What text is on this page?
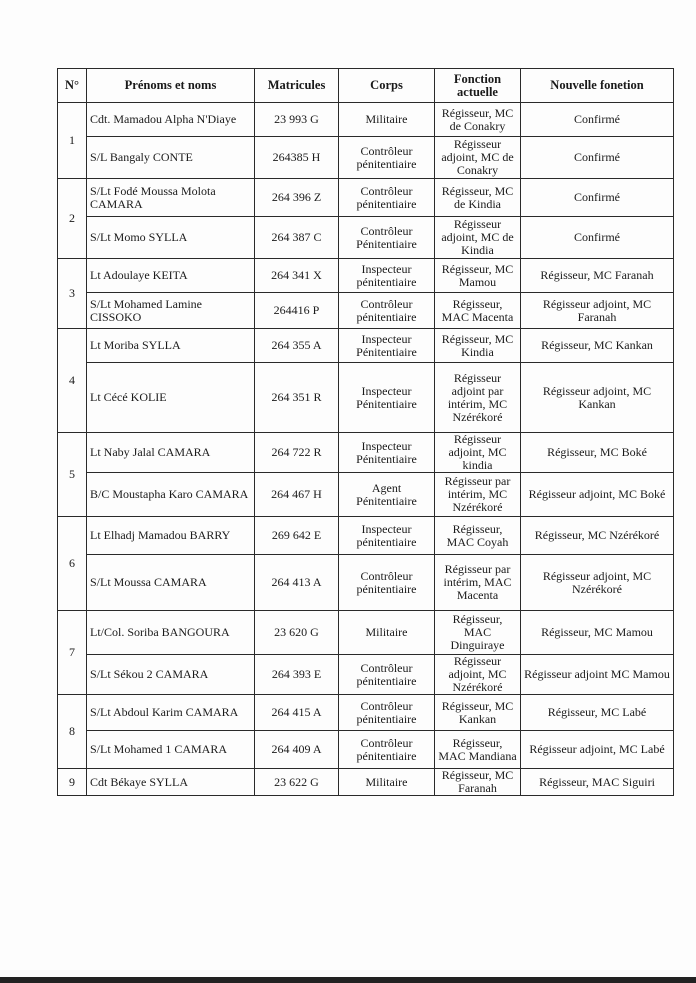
N°	Prénoms et noms	Matricules	Corps	Fonction actuelle	Nouvelle fonetion
1	Cdt. Mamadou Alpha N'Diaye	23 993 G	Militaire	Régisseur, MC de Conakry	Confirmé
	S/L Bangaly CONTE	264385 H	Contrôleur pénitentiaire	Régisseur adjoint, MC de Conakry	Confirmé
2	S/Lt Fodé Moussa Molota CAMARA	264 396 Z	Contrôleur pénitentiaire	Régisseur, MC de Kindia	Confirmé
	S/Lt Momo SYLLA	264 387 C	Contrôleur Pénitentiaire	Régisseur adjoint, MC de Kindia	Confirmé
3	Lt Adoulaye KEITA	264 341 X	Inspecteur pénitentiaire	Régisseur, MC Mamou	Régisseur, MC Faranah
	S/Lt Mohamed Lamine CISSOKO	264416 P	Contrôleur pénitentiaire	Régisseur, MAC Macenta	Régisseur adjoint, MC Faranah
4	Lt Moriba SYLLA	264 355 A	Inspecteur Pénitentiaire	Régisseur, MC Kindia	Régisseur, MC Kankan
	Lt Cécé KOLIE	264 351 R	Inspecteur Pénitentiaire	Régisseur adjoint par intérim, MC Nzérékoré	Régisseur adjoint, MC Kankan
5	Lt Naby Jalal CAMARA	264 722 R	Inspecteur Pénitentiaire	Régisseur adjoint, MC kindia	Régisseur, MC Boké
	B/C Moustapha Karo CAMARA	264 467 H	Agent Pénitentiaire	Régisseur par intérim, MC Nzérékoré	Régisseur adjoint, MC Boké
6	Lt Elhadj Mamadou BARRY	269 642 E	Inspecteur pénitentiaire	Régisseur, MAC Coyah	Régisseur, MC Nzérékoré
	S/Lt Moussa CAMARA	264 413 A	Contrôleur pénitentiaire	Régisseur par intérim, MAC Macenta	Régisseur adjoint, MC Nzérékoré
7	Lt/Col. Soriba BANGOURA	23 620 G	Militaire	Régisseur, MAC Dinguiraye	Régisseur, MC Mamou
	S/Lt Sékou 2 CAMARA	264 393 E	Contrôleur pénitentiaire	Régisseur adjoint, MC Nzérékoré	Régisseur adjoint MC Mamou
8	S/Lt Abdoul Karim CAMARA	264 415 A	Contrôleur pénitentiaire	Régisseur, MC Kankan	Régisseur, MC Labé
	S/Lt Mohamed 1 CAMARA	264 409 A	Contrôleur pénitentiaire	Régisseur, MAC Mandiana	Régisseur adjoint, MC Labé
9	Cdt Békaye SYLLA	23 622 G	Militaire	Régisseur, MC Faranah	Régisseur, MAC Siguiri
